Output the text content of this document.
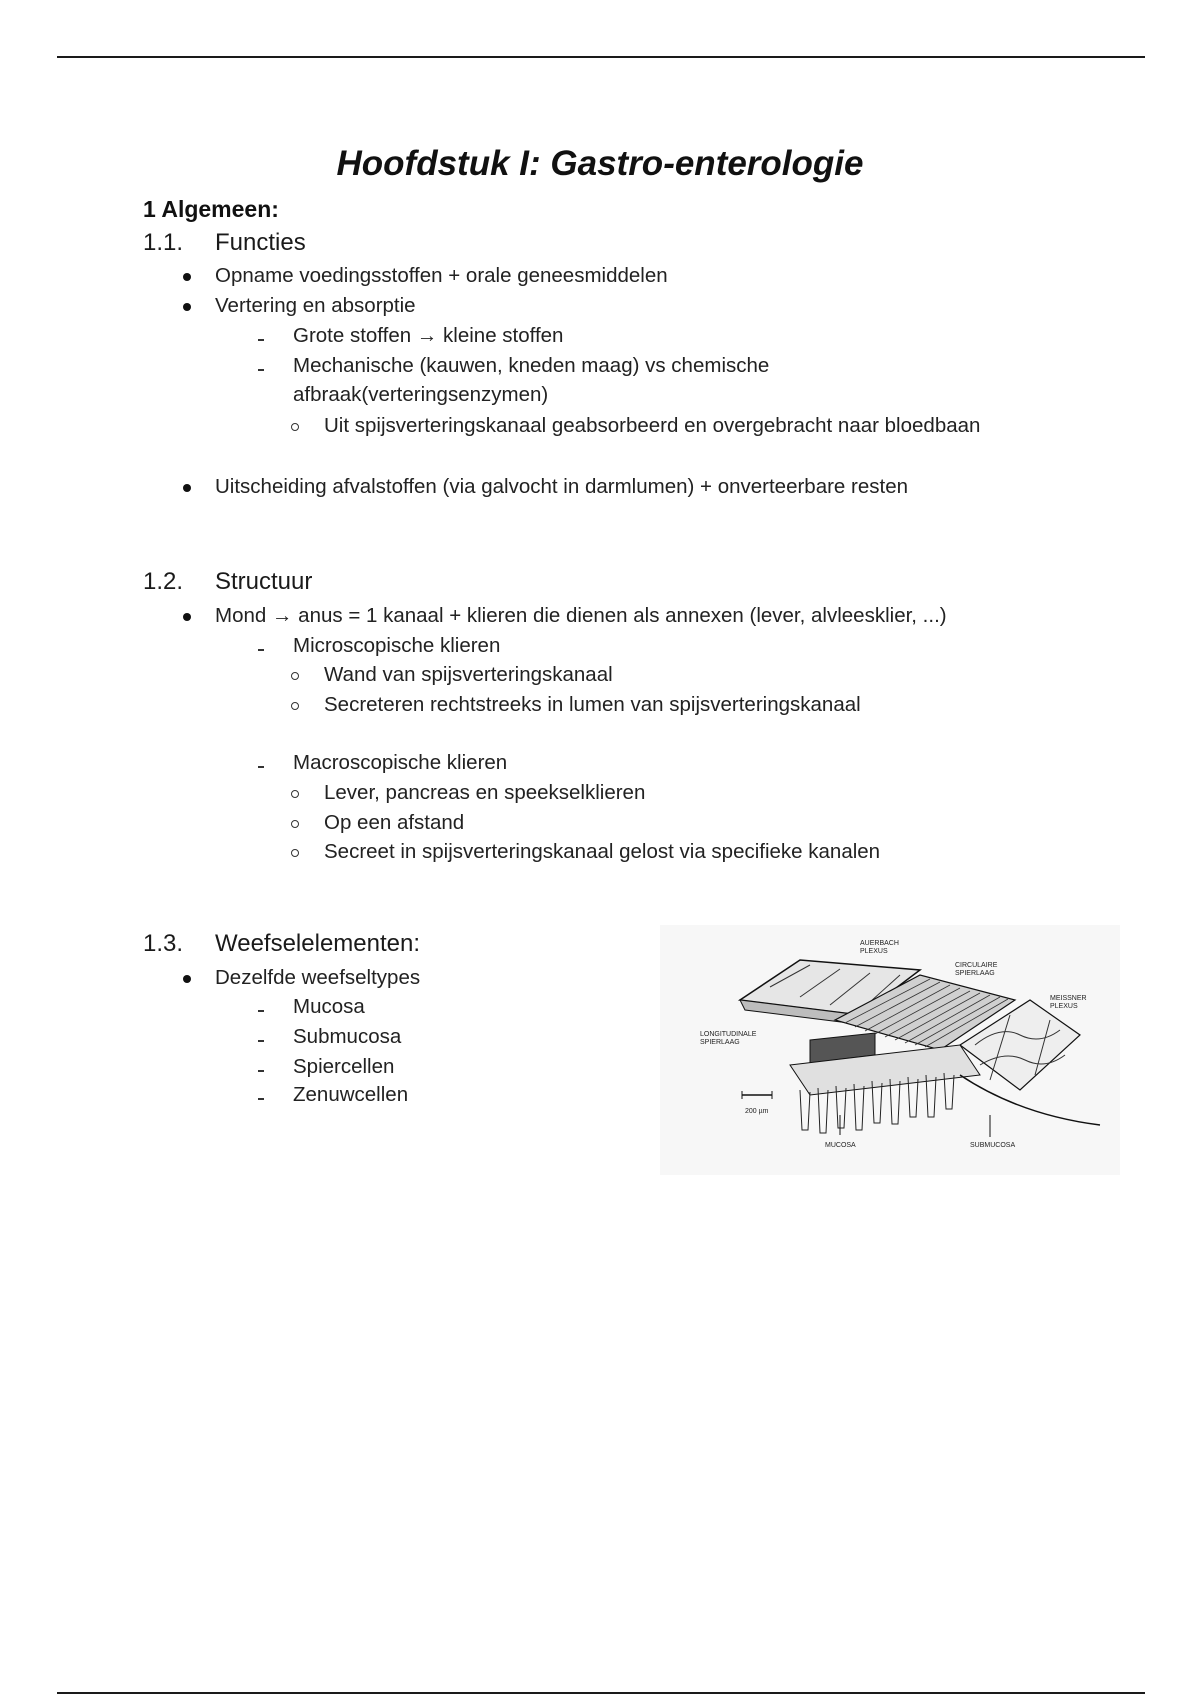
Hoofdstuk I: Gastro-enterologie
1 Algemeen:
1.1. Functies
Opname voedingsstoffen + orale geneesmiddelen
Vertering en absorptie
Grote stoffen → kleine stoffen
Mechanische (kauwen, kneden maag) vs chemische
afbraak(verteringsenzymen)
Uit spijsverteringskanaal geabsorbeerd en overgebracht naar bloedbaan
Uitscheiding afvalstoffen (via galvocht in darmlumen) + onverteerbare resten
1.2. Structuur
Mond → anus = 1 kanaal + klieren die dienen als annexen (lever, alvleesklier, ...)
Microscopische klieren
Wand van spijsverteringskanaal
Secreteren rechtstreeks in lumen van spijsverteringskanaal
Macroscopische klieren
Lever, pancreas en speekselklieren
Op een afstand
Secreet in spijsverteringskanaal gelost via specifieke kanalen
1.3. Weefselelementen:
Dezelfde weefseltypes
Mucosa
Submucosa
Spiercellen
Zenuwcellen
AUERBACH
PLEXUS
CIRCULAIRE
SPIERLAAG
MEISSNER
PLEXUS
LONGITUDINALE
SPIERLAAG
200 µm
MUCOSA	SUBMUCOSA
